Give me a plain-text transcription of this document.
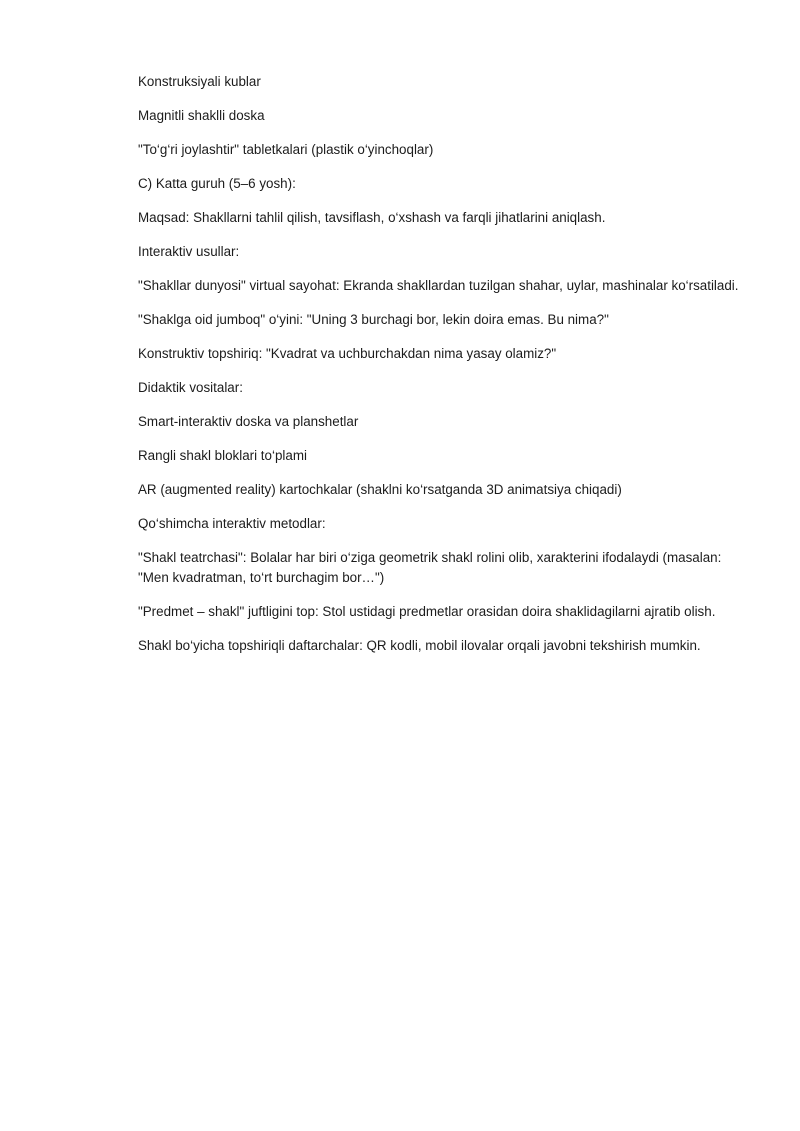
Konstruksiyali kublar

Magnitli shaklli doska

"To‘g‘ri joylashtir" tabletkalari (plastik o‘yinchoqlar)

C) Katta guruh (5–6 yosh):

Maqsad: Shakllarni tahlil qilish, tavsiflash, o‘xshash va farqli jihatlarini aniqlash.

Interaktiv usullar:

"Shakllar dunyosi" virtual sayohat: Ekranda shakllardan tuzilgan shahar, uylar, mashinalar ko‘rsatiladi.

"Shaklga oid jumboq" o‘yini: "Uning 3 burchagi bor, lekin doira emas. Bu nima?"

Konstruktiv topshiriq: "Kvadrat va uchburchakdan nima yasay olamiz?"

Didaktik vositalar:

Smart-interaktiv doska va planshetlar

Rangli shakl bloklari to‘plami

AR (augmented reality) kartochkalar (shaklni ko‘rsatganda 3D animatsiya chiqadi)

Qo‘shimcha interaktiv metodlar:

"Shakl teatrchasi": Bolalar har biri o‘ziga geometrik shakl rolini olib, xarakterini ifodalaydi (masalan: "Men kvadratman, to‘rt burchagim bor…")

"Predmet – shakl" juftligini top: Stol ustidagi predmetlar orasidan doira shaklidagilarni ajratib olish.

Shakl bo‘yicha topshiriqli daftarchalar: QR kodli, mobil ilovalar orqali javobni tekshirish mumkin.
